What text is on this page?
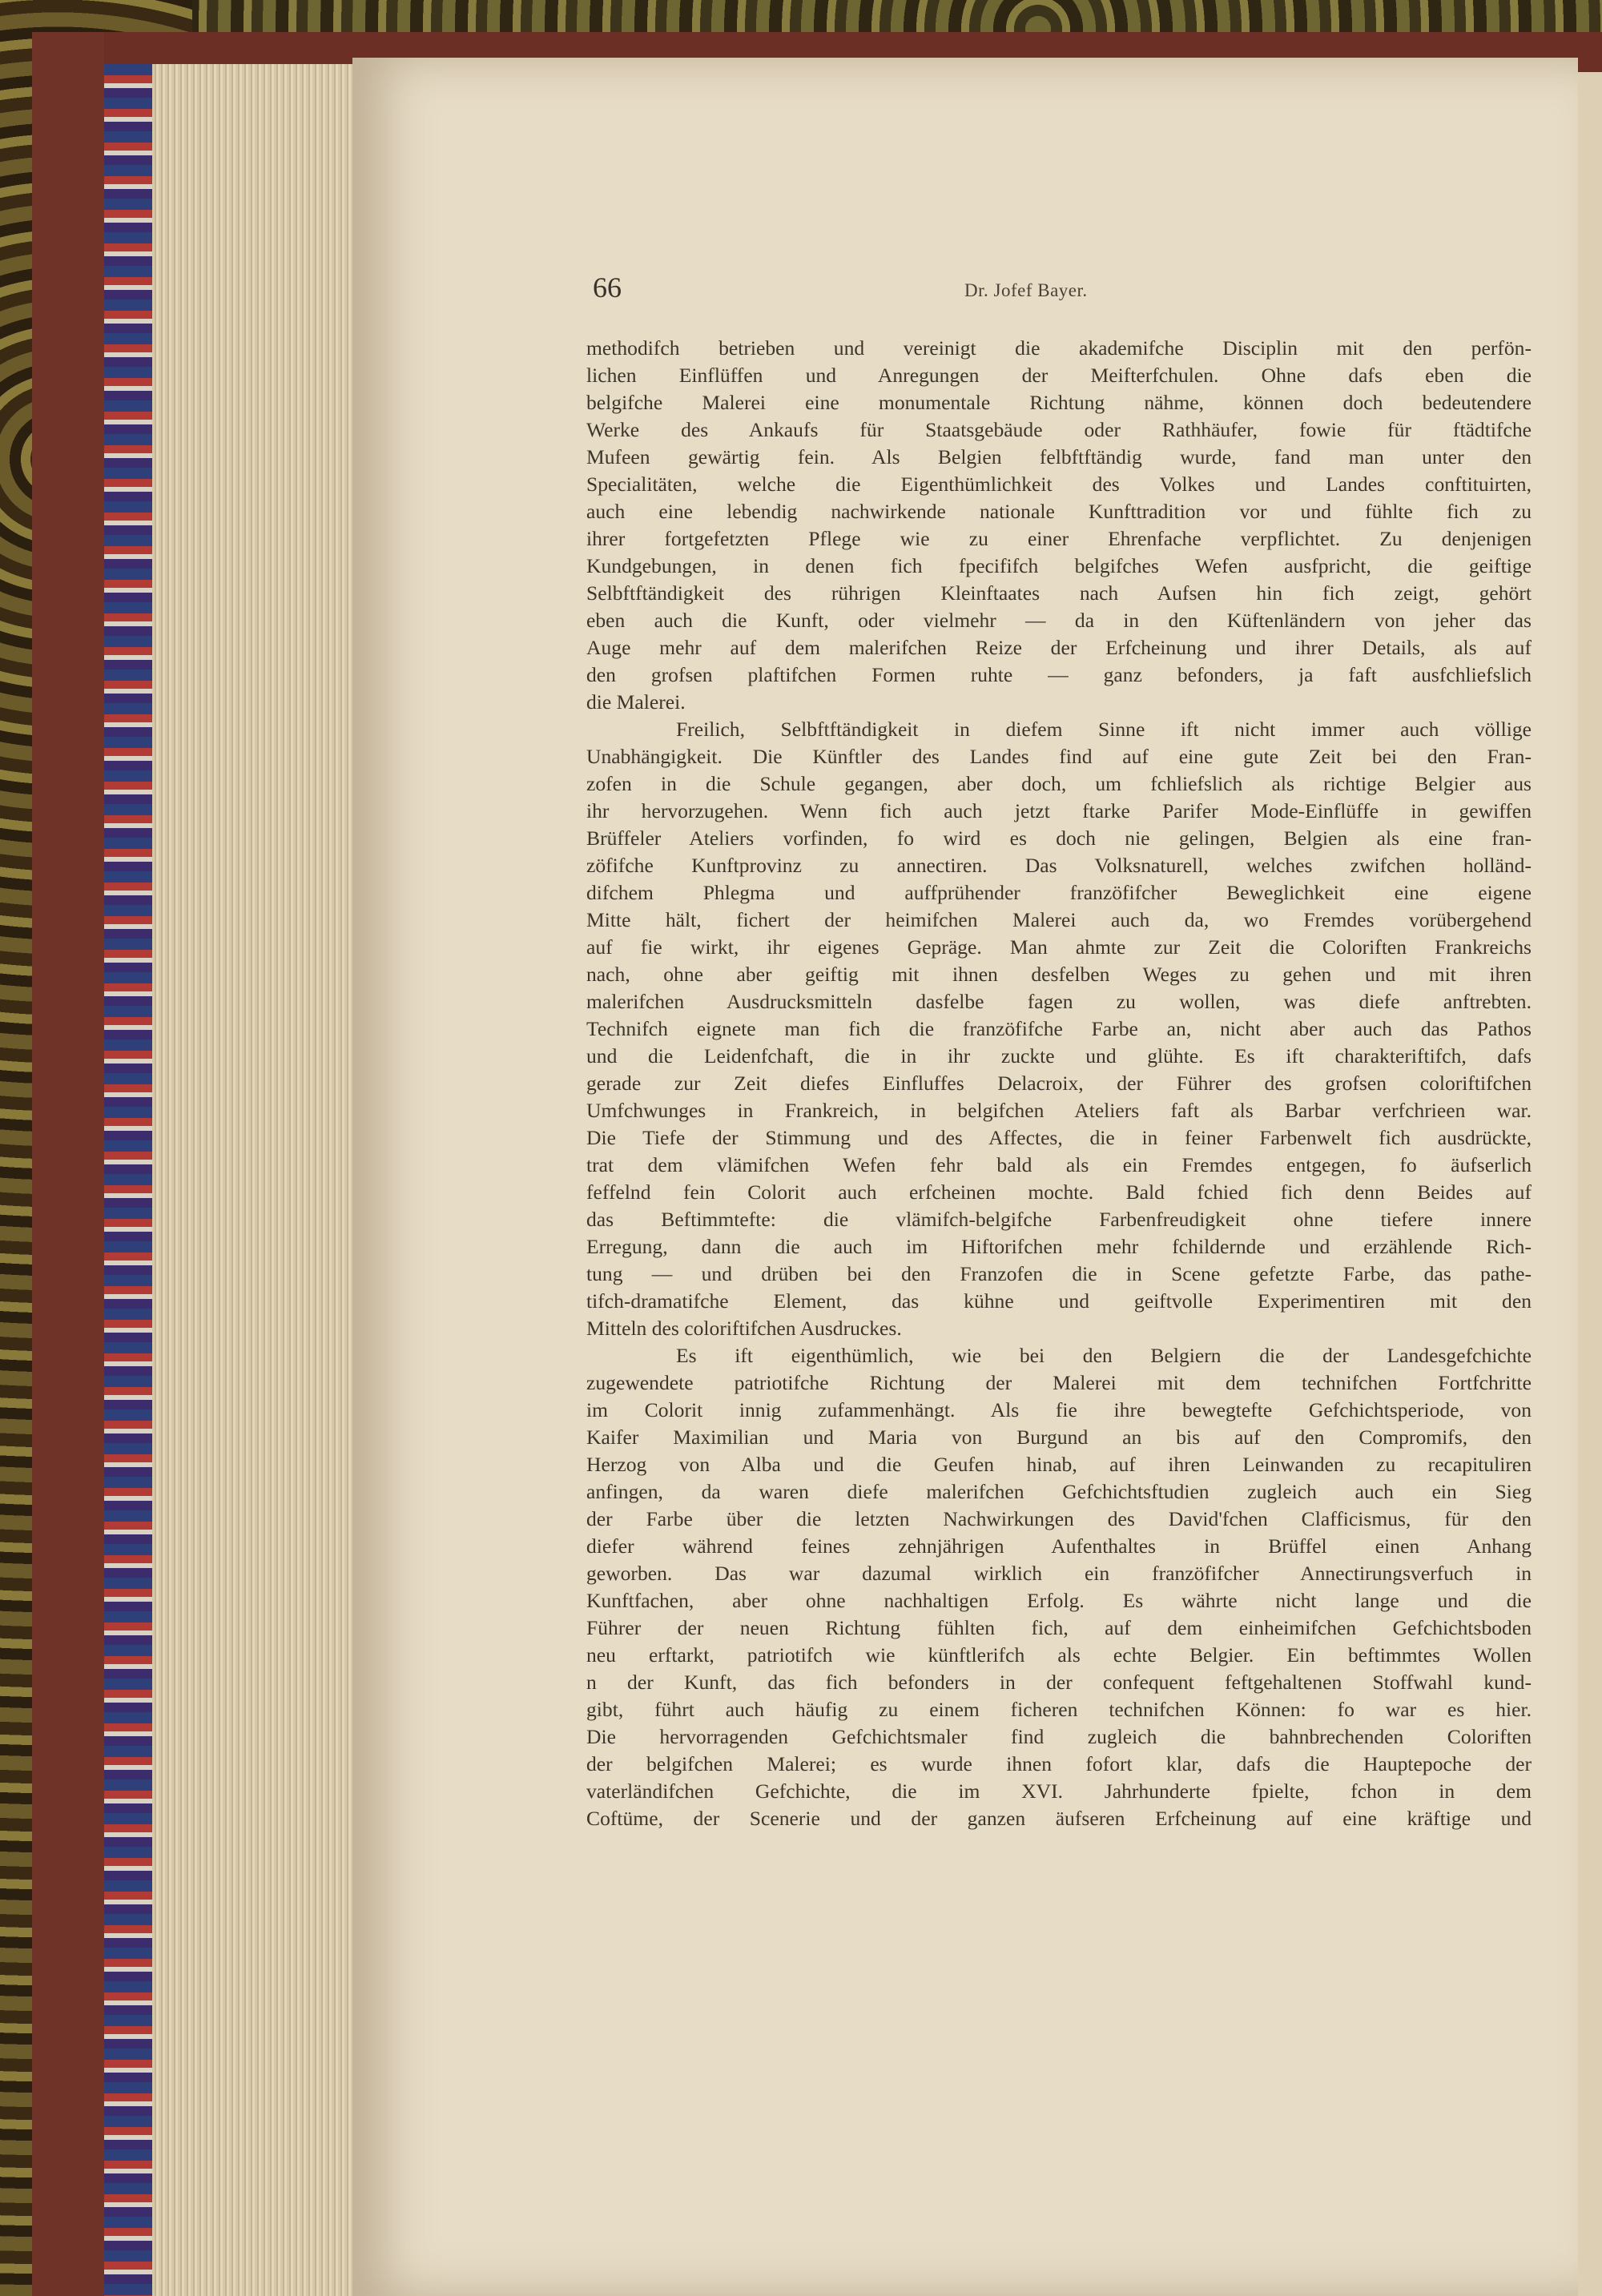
66	Dr. Jofef Bayer.
methodifch betrieben und vereinigt die akademifche Disciplin mit den perfön-
lichen Einflüffen und Anregungen der Meifterfchulen. Ohne dafs eben die
belgifche Malerei eine monumentale Richtung nähme, können doch bedeutendere
Werke des Ankaufs für Staatsgebäude oder Rathhäufer, fowie für ftädtifche
Mufeen gewärtig fein. Als Belgien felbftftändig wurde, fand man unter den
Specialitäten, welche die Eigenthümlichkeit des Volkes und Landes conftituirten,
auch eine lebendig nachwirkende nationale Kunfttradition vor und fühlte fich zu
ihrer fortgefetzten Pflege wie zu einer Ehrenfache verpflichtet. Zu denjenigen
Kundgebungen, in denen fich fpecififch belgifches Wefen ausfpricht, die geiftige
Selbftftändigkeit des rührigen Kleinftaates nach Aufsen hin fich zeigt, gehört
eben auch die Kunft, oder vielmehr — da in den Küftenländern von jeher das
Auge mehr auf dem malerifchen Reize der Erfcheinung und ihrer Details, als auf
den grofsen plaftifchen Formen ruhte — ganz befonders, ja faft ausfchliefslich
die Malerei.
Freilich, Selbftftändigkeit in diefem Sinne ift nicht immer auch völlige
Unabhängigkeit. Die Künftler des Landes find auf eine gute Zeit bei den Fran-
zofen in die Schule gegangen, aber doch, um fchliefslich als richtige Belgier aus
ihr hervorzugehen. Wenn fich auch jetzt ftarke Parifer Mode-Einflüffe in gewiffen
Brüffeler Ateliers vorfinden, fo wird es doch nie gelingen, Belgien als eine fran-
zöfifche Kunftprovinz zu annectiren. Das Volksnaturell, welches zwifchen holländ-
difchem Phlegma und auffprühender franzöfifcher Beweglichkeit eine eigene
Mitte hält, fichert der heimifchen Malerei auch da, wo Fremdes vorübergehend
auf fie wirkt, ihr eigenes Gepräge. Man ahmte zur Zeit die Coloriften Frankreichs
nach, ohne aber geiftig mit ihnen desfelben Weges zu gehen und mit ihren
malerifchen Ausdrucksmitteln dasfelbe fagen zu wollen, was diefe anftrebten.
Technifch eignete man fich die franzöfifche Farbe an, nicht aber auch das Pathos
und die Leidenfchaft, die in ihr zuckte und glühte. Es ift charakteriftifch, dafs
gerade zur Zeit diefes Einfluffes Delacroix, der Führer des grofsen coloriftifchen
Umfchwunges in Frankreich, in belgifchen Ateliers faft als Barbar verfchrieen war.
Die Tiefe der Stimmung und des Affectes, die in feiner Farbenwelt fich ausdrückte,
trat dem vlämifchen Wefen fehr bald als ein Fremdes entgegen, fo äufserlich
feffelnd fein Colorit auch erfcheinen mochte. Bald fchied fich denn Beides auf
das Beftimmtefte: die vlämifch-belgifche Farbenfreudigkeit ohne tiefere innere
Erregung, dann die auch im Hiftorifchen mehr fchildernde und erzählende Rich-
tung — und drüben bei den Franzofen die in Scene gefetzte Farbe, das pathe-
tifch-dramatifche Element, das kühne und geiftvolle Experimentiren mit den
Mitteln des coloriftifchen Ausdruckes.
Es ift eigenthümlich, wie bei den Belgiern die der Landesgefchichte
zugewendete patriotifche Richtung der Malerei mit dem technifchen Fortfchritte
im Colorit innig zufammenhängt. Als fie ihre bewegtefte Gefchichtsperiode, von
Kaifer Maximilian und Maria von Burgund an bis auf den Compromifs, den
Herzog von Alba und die Geufen hinab, auf ihren Leinwanden zu recapituliren
anfingen, da waren diefe malerifchen Gefchichtsftudien zugleich auch ein Sieg
der Farbe über die letzten Nachwirkungen des David'fchen Clafficismus, für den
diefer während feines zehnjährigen Aufenthaltes in Brüffel einen Anhang
geworben. Das war dazumal wirklich ein franzöfifcher Annectirungsverfuch in
Kunftfachen, aber ohne nachhaltigen Erfolg. Es währte nicht lange und die
Führer der neuen Richtung fühlten fich, auf dem einheimifchen Gefchichtsboden
neu erftarkt, patriotifch wie künftlerifch als echte Belgier. Ein beftimmtes Wollen
n der Kunft, das fich befonders in der confequent feftgehaltenen Stoffwahl kund-
gibt, führt auch häufig zu einem ficheren technifchen Können: fo war es hier.
Die hervorragenden Gefchichtsmaler find zugleich die bahnbrechenden Coloriften
der belgifchen Malerei; es wurde ihnen fofort klar, dafs die Hauptepoche der
vaterländifchen Gefchichte, die im XVI. Jahrhunderte fpielte, fchon in dem
Coftüme, der Scenerie und der ganzen äufseren Erfcheinung auf eine kräftige und
